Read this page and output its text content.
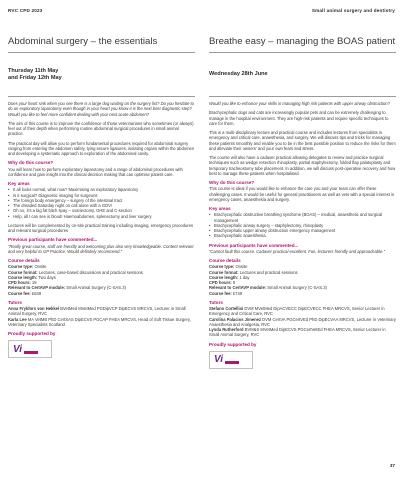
RVC CPD 2023	Small animal surgery and dentistry
Abdominal surgery – the essentials
Thursday 11th May
and Friday 12th May

Does your heart sink when you see there is a large dog waiting on the surgery list? Do you hesitate to do an exploratory laparotomy even though in your heart you know it is the next best diagnostic step? Would you like to feel more confident dealing with your next acute abdomen?

The aim of this course is to improve the confidence of those veterinarians who sometimes (or always) feel out of their depth when performing routine abdominal surgical procedures in small animal practice.

The practical day will allow you to perform fundamental procedures required for abdominal surgery ranging from entering the abdomen safely, tying secure ligatures, isolating organs within the abdomen and developing a systematic approach to exploration of the abdominal cavity.

Why do this course?

You will learn how to perform exploratory laparotomy and a range of abdominal procedures with confidence and gain insight into the clinical decision making that can optimise patient care.

Key areas
• It all looks normal, what now? Maximising an exploratory laparotomy
• Is it surgical? Diagnostic imaging for surgeons
• The foreign body emergency – surgery of the intestinal tract
• The dreaded Saturday night on call alone with a GDV!
• Oh no, it's a big fat bitch spay – ovariectomy, OHE and C-section
• Help, all I can see is blood! Haemoabdomen, splenectomy and liver surgery

Lectures will be complemented by on-site practical training including imaging, emergency procedures and relevant surgical procedures

Previous participants have commented...

“Really great course, staff are friendly and welcoming plus also very knowledgeable. Content relevant and very helpful to GP Practice. Would definitely recommend.”

Course details
Course type: Onsite
Course format: Lectures, case-based discussions and practical sessions
Course length: Two days
CPD hours: 18
Relevant to CertAVP module: Small Animal Surgery (C-SAS.3)
Course fee: £849
Tutors
Anna Frykfors von Hekkel BVetMed MVetMed PGDipVCP DipECVS MRCVS, Lecturer in Small Animal Surgery, RVC
Karla Lee MA VetMB PhD CertSAS DipECVS PGCAP FHEA MRCVS, Head of Soft Tissue Surgery, Veterinary Specialists Scotland
Proudly supported by
Vi
Breathe easy – managing the BOAS patient
Wednesday 28th June

Would you like to enhance your skills in managing high risk patients with upper airway obstruction?

Brachycephalic dogs and cats are increasingly popular pets and can be extremely challenging to manage in the hospital environment. They are high-risk patients and require specific techniques to care for them.

This is a multi-disciplinary lecture and practical course and includes lectures from specialists in emergency and critical care, anaesthesia, and surgery. We will discuss tips and tricks for managing these patients smoothly and enable you to be in the best possible position to reduce the risks for them and alleviate their owners' and your own fears and stress.

The course will also have a cadaver practical allowing delegates to review and practice surgical techniques such as wedge resection rhinoplasty, partial staphylectomy, folded flap palatoplasty and temporary tracheostomy tube placement. In addition, we will discuss post-operative recovery and how best to manage these patients when hospitalised.

Why do this course?

This course is ideal if you would like to enhance the care you and your team can offer these challenging cases. It would be useful for general practitioners as well as vets with a special interest in emergency cases, anaesthesia and surgery.

Key areas
• Brachycephalic obstructive breathing syndrome (BOAS) – medical, anaesthetic and surgical management
• Brachycephalic airway surgery – staphylectomy, rhinoplasty
• Brachycephalic upper airway obstruction emergency management
• Brachycephalic anaesthesia.
Previous participants have commented...

“Cannot fault this course. Cadaver practical excellent. Fun, lecturers friendly and approachable.”

Course details
Course type: Onsite
Course format: Lectures and practical sessions
Course length: 1 day
CPD hours: 9
Relevant to CertAVP module: Small Animal Surgery (C-SAS.3)
Course fee: £749
Tutors
Stefano Cortellini DVM MVetMed DipACVECC DipECVECC FHEA MRCVS, Senior Lecturer in Emergency and Critical Care, RVC
Carolina Palacios Jimenez DVM CertVA PGCertVEd PhD DipECVAA MRCVS, Lecturer in Veterinary Anaesthesia and Analgesia, RVC
Lynda Rutherford BVM&S MVetMed DipECVS PGCertVetEd FHEA MRCVS, Senior Lecturer in Small Animal Surgery, RVC
Proudly supported by
Vi
37
